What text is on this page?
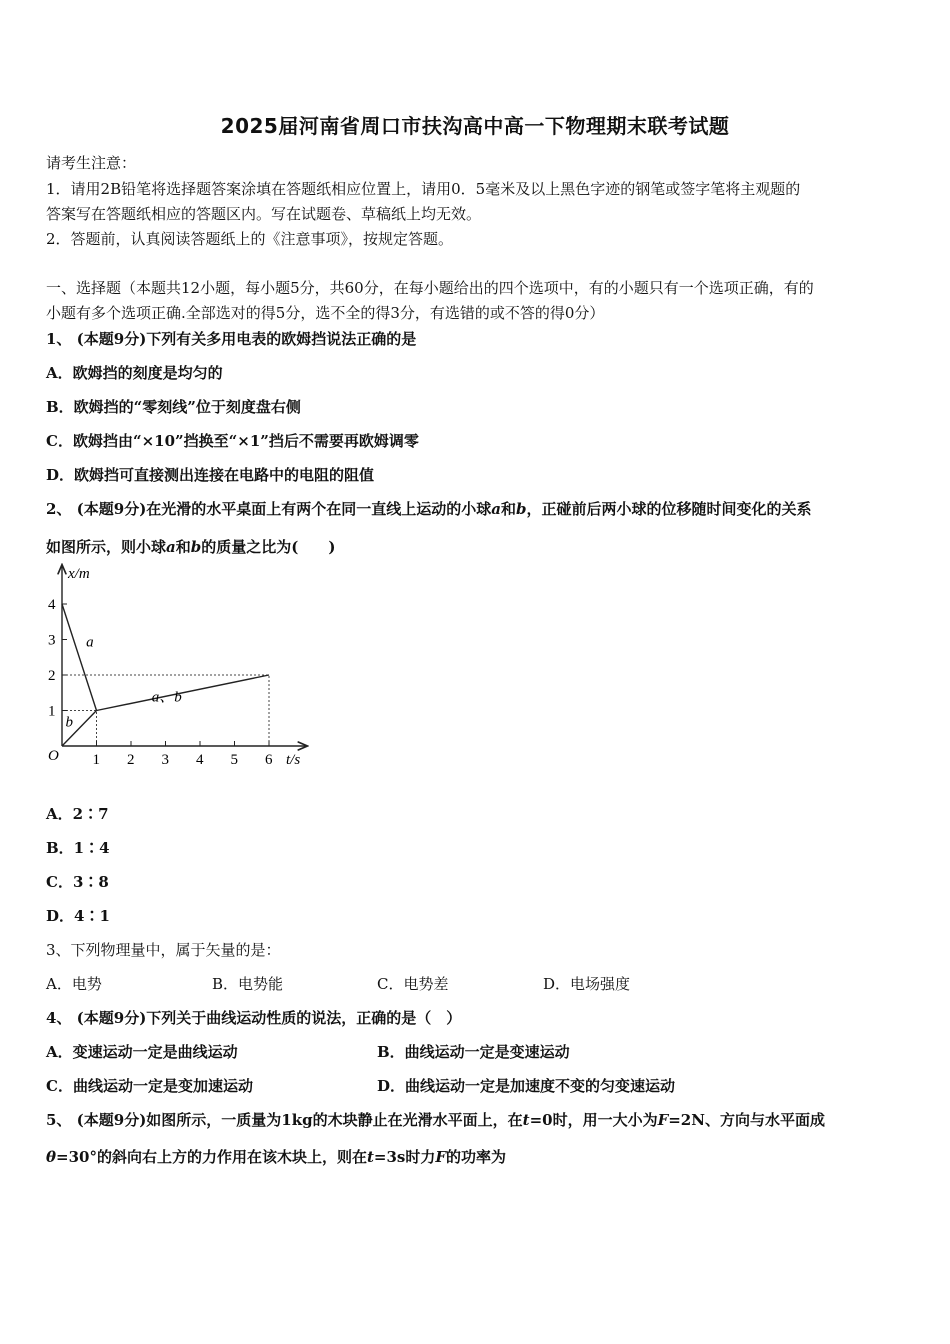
2025届河南省周口市扶沟高中高一下物理期末联考试题
请考生注意：
1．请用2B铅笔将选择题答案涂填在答题纸相应位置上，请用0．5毫米及以上黑色字迹的钢笔或签字笔将主观题的
答案写在答题纸相应的答题区内。写在试题卷、草稿纸上均无效。
2．答题前，认真阅读答题纸上的《注意事项》，按规定答题。
一、选择题（本题共12小题，每小题5分，共60分，在每小题给出的四个选项中，有的小题只有一个选项正确，有的
小题有多个选项正确.全部选对的得5分，选不全的得3分，有选错的或不答的得0分）
1、 (本题9分)下列有关多用电表的欧姆挡说法正确的是
A．欧姆挡的刻度是均匀的
B．欧姆挡的“零刻线”位于刻度盘右侧
C．欧姆挡由“×10”挡换至“×1”挡后不需要再欧姆调零
D．欧姆挡可直接测出连接在电路中的电阻的阻值
2、 (本题9分)在光滑的水平桌面上有两个在同一直线上运动的小球a和b，正碰前后两小球的位移随时间变化的关系
如图所示，则小球a和b的质量之比为(　　)
1 2 3 4 5 6
1
2
3
4
a
b
a、b
x/m
t/s
O
A．2∶7
B．1∶4
C．3∶8
D．4∶1
3、下列物理量中，属于矢量的是：
A．电势	B．电势能	C．电势差	D．电场强度
4、 (本题9分)下列关于曲线运动性质的说法，正确的是（　）
A．变速运动一定是曲线运动	B．曲线运动一定是变速运动
C．曲线运动一定是变加速运动	D．曲线运动一定是加速度不变的匀变速运动
5、 (本题9分)如图所示，一质量为1kg的木块静止在光滑水平面上，在t=0时，用一大小为F=2N、方向与水平面成
θ=30°的斜向右上方的力作用在该木块上，则在t=3s时力F的功率为
